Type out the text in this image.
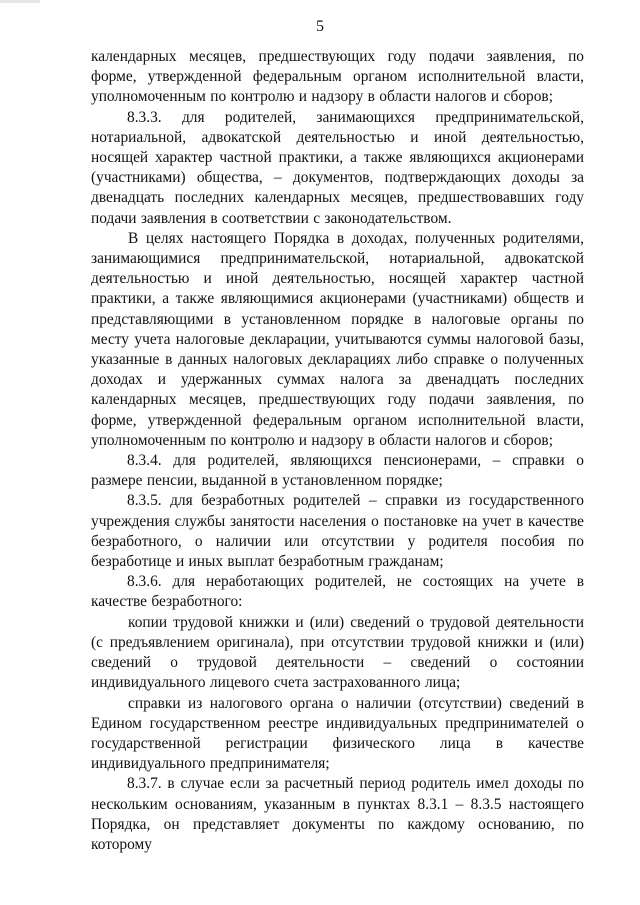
5

календарных месяцев, предшествующих году подачи заявления, по форме, утвержденной федеральным органом исполнительной власти, уполномоченным по контролю и надзору в области налогов и сборов;

8.3.3. для родителей, занимающихся предпринимательской, нотариальной, адвокатской деятельностью и иной деятельностью, носящей характер частной практики, а также являющихся акционерами (участниками) общества, – документов, подтверждающих доходы за двенадцать последних календарных месяцев, предшествовавших году подачи заявления в соответствии с законодательством.

В целях настоящего Порядка в доходах, полученных родителями, занимающимися предпринимательской, нотариальной, адвокатской деятельностью и иной деятельностью, носящей характер частной практики, а также являющимися акционерами (участниками) обществ и представляющими в установленном порядке в налоговые органы по месту учета налоговые декларации, учитываются суммы налоговой базы, указанные в данных налоговых декларациях либо справке о полученных доходах и удержанных суммах налога за двенадцать последних календарных месяцев, предшествующих году подачи заявления, по форме, утвержденной федеральным органом исполнительной власти, уполномоченным по контролю и надзору в области налогов и сборов;

8.3.4. для родителей, являющихся пенсионерами, – справки о размере пенсии, выданной в установленном порядке;

8.3.5. для безработных родителей – справки из государственного учреждения службы занятости населения о постановке на учет в качестве безработного, о наличии или отсутствии у родителя пособия по безработице и иных выплат безработным гражданам;

8.3.6. для неработающих родителей, не состоящих на учете в качестве безработного:

копии трудовой книжки и (или) сведений о трудовой деятельности (с предъявлением оригинала), при отсутствии трудовой книжки и (или) сведений о трудовой деятельности – сведений о состоянии индивидуального лицевого счета застрахованного лица;

справки из налогового органа о наличии (отсутствии) сведений в Едином государственном реестре индивидуальных предпринимателей о государственной регистрации физического лица в качестве индивидуального предпринимателя;

8.3.7. в случае если за расчетный период родитель имел доходы по нескольким основаниям, указанным в пунктах 8.3.1 – 8.3.5 настоящего Порядка, он представляет документы по каждому основанию, по которому
